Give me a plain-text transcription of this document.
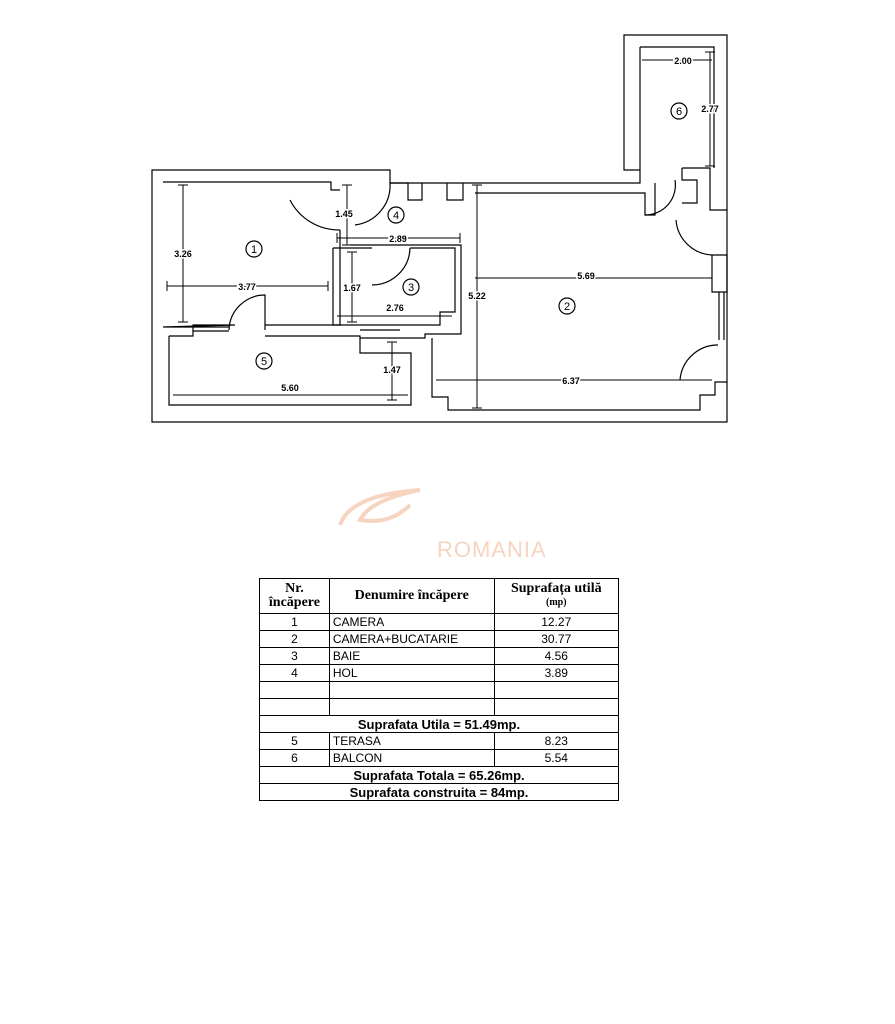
1
2
3
4
5
6
3.26
3.77
1.45
2.89
1.67
2.76
5.22
5.69
6.37
5.60
1.47
2.00
2.77
ROMANIA
Nr. încăpere	Denumire încăpere	Suprafața utilă
(mp)

1	CAMERA	12.27
2	CAMERA+BUCATARIE	30.77
3	BAIE	4.56
4	HOL	3.89

Suprafata Utila = 51.49mp.		
5	TERASA	8.23
6	BALCON	5.54
Suprafata Totala = 65.26mp.		
Suprafata construita = 84mp.		
